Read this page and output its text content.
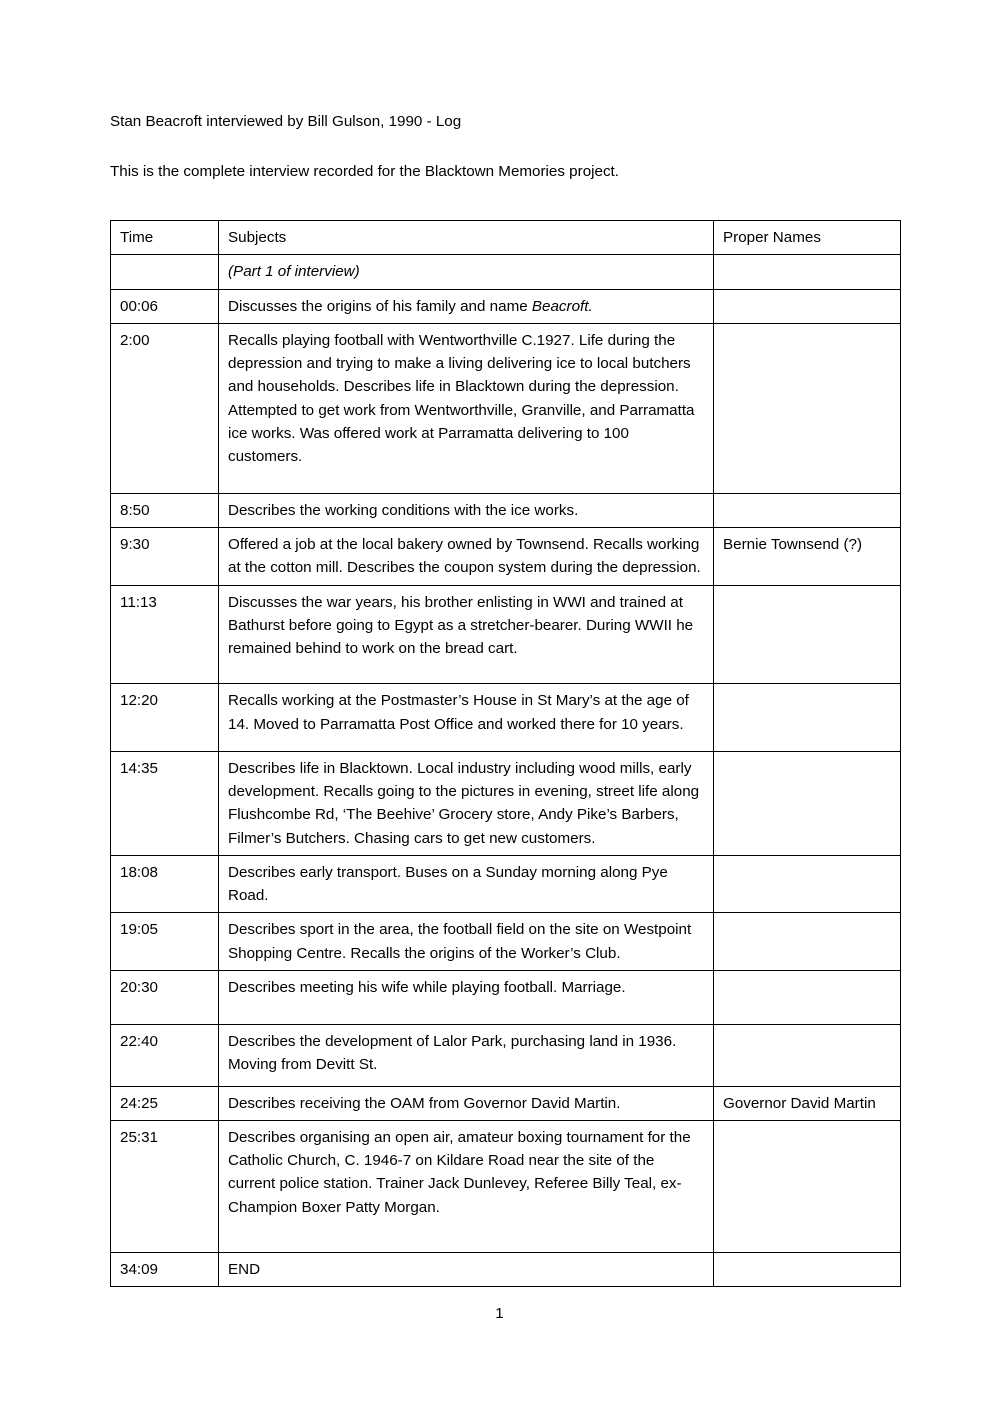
Stan Beacroft interviewed by Bill Gulson, 1990 - Log

This is the complete interview recorded for the Blacktown Memories project.

Time	Subjects	Proper Names
	(Part 1 of interview)	
00:06	Discusses the origins of his family and name Beacroft.	
2:00	Recalls playing football with Wentworthville C.1927. Life during the depression and trying to make a living delivering ice to local butchers and households. Describes life in Blacktown during the depression. Attempted to get work from Wentworthville, Granville, and Parramatta ice works. Was offered work at Parramatta delivering to 100 customers.	
8:50	Describes the working conditions with the ice works.	
9:30	Offered a job at the local bakery owned by Townsend. Recalls working at the cotton mill. Describes the coupon system during the depression.	Bernie Townsend (?)
11:13	Discusses the war years, his brother enlisting in WWI and trained at Bathurst before going to Egypt as a stretcher-bearer. During WWII he remained behind to work on the bread cart.	
12:20	Recalls working at the Postmaster’s House in St Mary’s at the age of 14. Moved to Parramatta Post Office and worked there for 10 years.	
14:35	Describes life in Blacktown. Local industry including wood mills, early development. Recalls going to the pictures in evening, street life along Flushcombe Rd, ‘The Beehive’ Grocery store, Andy Pike’s Barbers, Filmer’s Butchers. Chasing cars to get new customers.	
18:08	Describes early transport. Buses on a Sunday morning along Pye Road.	
19:05	Describes sport in the area, the football field on the site on Westpoint Shopping Centre. Recalls the origins of the Worker’s Club.	
20:30	Describes meeting his wife while playing football. Marriage.	
22:40	Describes the development of Lalor Park, purchasing land in 1936. Moving from Devitt St.	
24:25	Describes receiving the OAM from Governor David Martin.	Governor David Martin
25:31	Describes organising an open air, amateur boxing tournament for the Catholic Church, C. 1946-7 on Kildare Road near the site of the current police station. Trainer Jack Dunlevey, Referee Billy Teal, ex-Champion Boxer Patty Morgan.	
34:09	END	
1
